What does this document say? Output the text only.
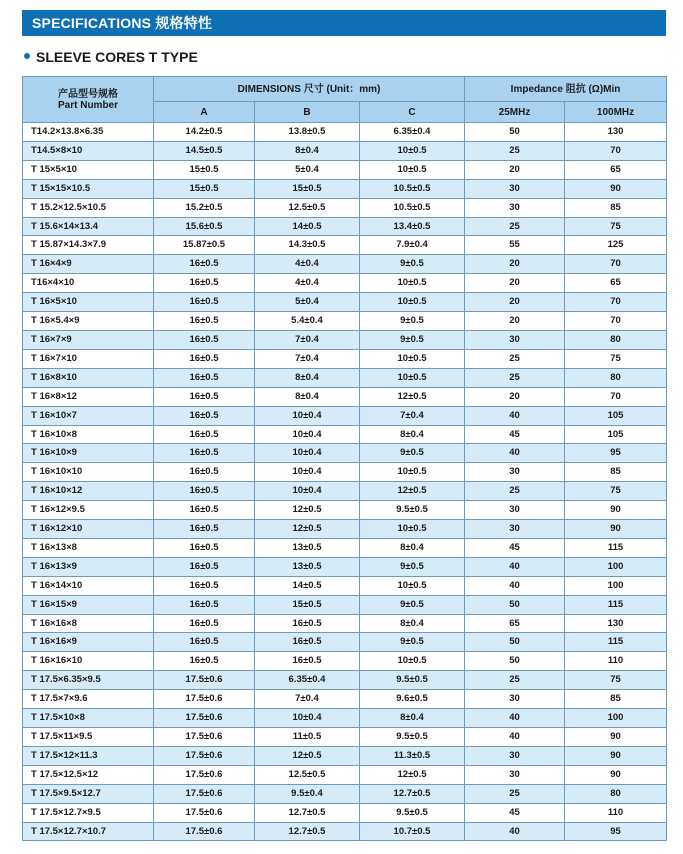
SPECIFICATIONS 规格特性
SLEEVE CORES T TYPE
产品型号规格
Part Number	DIMENSIONS 尺寸 (Unit：mm)			Impedance 阻抗 (Ω)Min	
	A	B	C	25MHz	100MHz
T14.2×13.8×6.35	14.2±0.5	13.8±0.5	6.35±0.4	50	130
T14.5×8×10	14.5±0.5	8±0.4	10±0.5	25	70
T 15×5×10	15±0.5	5±0.4	10±0.5	20	65
T 15×15×10.5	15±0.5	15±0.5	10.5±0.5	30	90
T 15.2×12.5×10.5	15.2±0.5	12.5±0.5	10.5±0.5	30	85
T 15.6×14×13.4	15.6±0.5	14±0.5	13.4±0.5	25	75
T 15.87×14.3×7.9	15.87±0.5	14.3±0.5	7.9±0.4	55	125
T 16×4×9	16±0.5	4±0.4	9±0.5	20	70
T16×4×10	16±0.5	4±0.4	10±0.5	20	65
T 16×5×10	16±0.5	5±0.4	10±0.5	20	70
T 16×5.4×9	16±0.5	5.4±0.4	9±0.5	20	70
T 16×7×9	16±0.5	7±0.4	9±0.5	30	80
T 16×7×10	16±0.5	7±0.4	10±0.5	25	75
T 16×8×10	16±0.5	8±0.4	10±0.5	25	80
T 16×8×12	16±0.5	8±0.4	12±0.5	20	70
T 16×10×7	16±0.5	10±0.4	7±0.4	40	105
T 16×10×8	16±0.5	10±0.4	8±0.4	45	105
T 16×10×9	16±0.5	10±0.4	9±0.5	40	95
T 16×10×10	16±0.5	10±0.4	10±0.5	30	85
T 16×10×12	16±0.5	10±0.4	12±0.5	25	75
T 16×12×9.5	16±0.5	12±0.5	9.5±0.5	30	90
T 16×12×10	16±0.5	12±0.5	10±0.5	30	90
T 16×13×8	16±0.5	13±0.5	8±0.4	45	115
T 16×13×9	16±0.5	13±0.5	9±0.5	40	100
T 16×14×10	16±0.5	14±0.5	10±0.5	40	100
T 16×15×9	16±0.5	15±0.5	9±0.5	50	115
T 16×16×8	16±0.5	16±0.5	8±0.4	65	130
T 16×16×9	16±0.5	16±0.5	9±0.5	50	115
T 16×16×10	16±0.5	16±0.5	10±0.5	50	110
T 17.5×6.35×9.5	17.5±0.6	6.35±0.4	9.5±0.5	25	75
T 17.5×7×9.6	17.5±0.6	7±0.4	9.6±0.5	30	85
T 17.5×10×8	17.5±0.6	10±0.4	8±0.4	40	100
T 17.5×11×9.5	17.5±0.6	11±0.5	9.5±0.5	40	90
T 17.5×12×11.3	17.5±0.6	12±0.5	11.3±0.5	30	90
T 17.5×12.5×12	17.5±0.6	12.5±0.5	12±0.5	30	90
T 17.5×9.5×12.7	17.5±0.6	9.5±0.4	12.7±0.5	25	80
T 17.5×12.7×9.5	17.5±0.6	12.7±0.5	9.5±0.5	45	110
T 17.5×12.7×10.7	17.5±0.6	12.7±0.5	10.7±0.5	40	95
